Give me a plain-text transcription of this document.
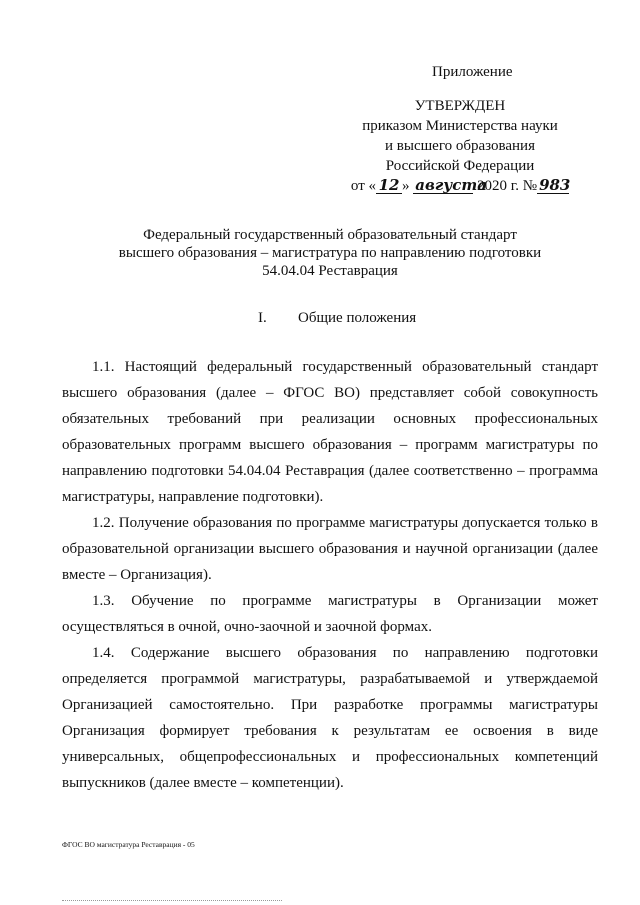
Приложение
УТВЕРЖДЕН
приказом Министерства науки
и высшего образования
Российской Федерации
от « 12 » августа 2020 г. № 983
Федеральный государственный образовательный стандарт
высшего образования – магистратура по направлению подготовки
54.04.04 Реставрация
I. Общие положения

1.1. Настоящий федеральный государственный образовательный стандарт высшего образования (далее – ФГОС ВО) представляет собой совокупность обязательных требований при реализации основных профессиональных образовательных программ высшего образования – программ магистратуры по направлению подготовки 54.04.04 Реставрация (далее соответственно – программа магистратуры, направление подготовки).

1.2. Получение образования по программе магистратуры допускается только в образовательной организации высшего образования и научной организации (далее вместе – Организация).

1.3. Обучение по программе магистратуры в Организации может осуществляться в очной, очно-заочной и заочной формах.

1.4. Содержание высшего образования по направлению подготовки определяется программой магистратуры, разрабатываемой и утверждаемой Организацией самостоятельно. При разработке программы магистратуры Организация формирует требования к результатам ее освоения в виде универсальных, общепрофессиональных и профессиональных компетенций выпускников (далее вместе – компетенции).

ФГОС ВО магистратура Реставрация - 05
